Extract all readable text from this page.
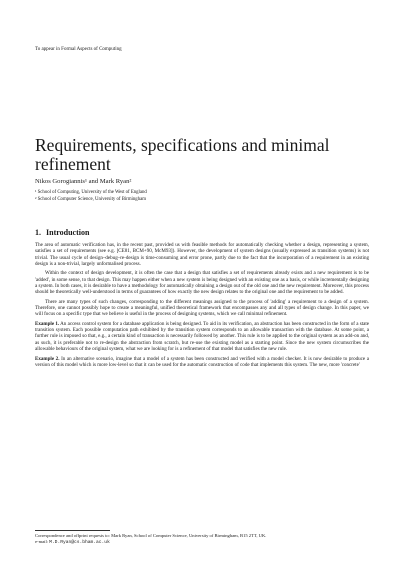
To appear in Formal Aspects of Computing
Requirements, specifications and minimal refinement
Nikos Gorogiannis¹ and Mark Ryan²
¹ School of Computing, University of the West of England
² School of Computer Science, University of Birmingham
1. Introduction

The area of automatic verification has, in the recent past, provided us with feasible methods for automatically checking whether a design, representing a system, satisfies a set of requirements (see e.g. [CE81, BCM+90, McM93]). However, the development of system designs (usually expressed as transition systems) is not trivial. The usual cycle of design–debug–re-design is time-consuming and error prone, partly due to the fact that the incorporation of a requirement in an existing design is a non-trivial, largely unformalised process.

Within the context of design development, it is often the case that a design that satisfies a set of requirements already exists and a new requirement is to be 'added', in some sense, to that design. This may happen either when a new system is being designed with an existing one as a basis, or while incrementally designing a system. In both cases, it is desirable to have a methodology for automatically obtaining a design out of the old one and the new requirement. Moreover, this process should be theoretically well-understood in terms of guarantees of how exactly the new design relates to the original one and the requirement to be added.

There are many types of such changes, corresponding to the different meanings assigned to the process of 'adding' a requirement to a design of a system. Therefore, one cannot possibly hope to create a meaningful, unified theoretical framework that encompasses any and all types of design change. In this paper, we will focus on a specific type that we believe is useful in the process of designing systems, which we call minimal refinement.

Example 1. An access control system for a database application is being designed. To aid in its verification, an abstraction has been constructed in the form of a state transition system. Each possible computation path exhibited by the transition system corresponds to an allowable transaction with the database. At some point, a further rule is imposed so that, e.g., a certain kind of transaction is necessarily followed by another. This rule is to be applied to the original system as an add-on and, as such, it is preferable not to re-design the abstraction from scratch, but re-use the existing model as a starting point. Since the new system circumscribes the allowable behaviours of the original system, what we are looking for is a refinement of that model that satisfies the new rule.

Example 2. In an alternative scenario, imagine that a model of a system has been constructed and verified with a model checker. It is now desirable to produce a version of this model which is more low-level so that it can be used for the automatic construction of code that implements this system. The new, more 'concrete'

Correspondence and offprint requests to: Mark Ryan, School of Computer Science, University of Birmingham, B15 2TT, UK.
e-mail: M.D.Ryan@cs.bham.ac.uk
